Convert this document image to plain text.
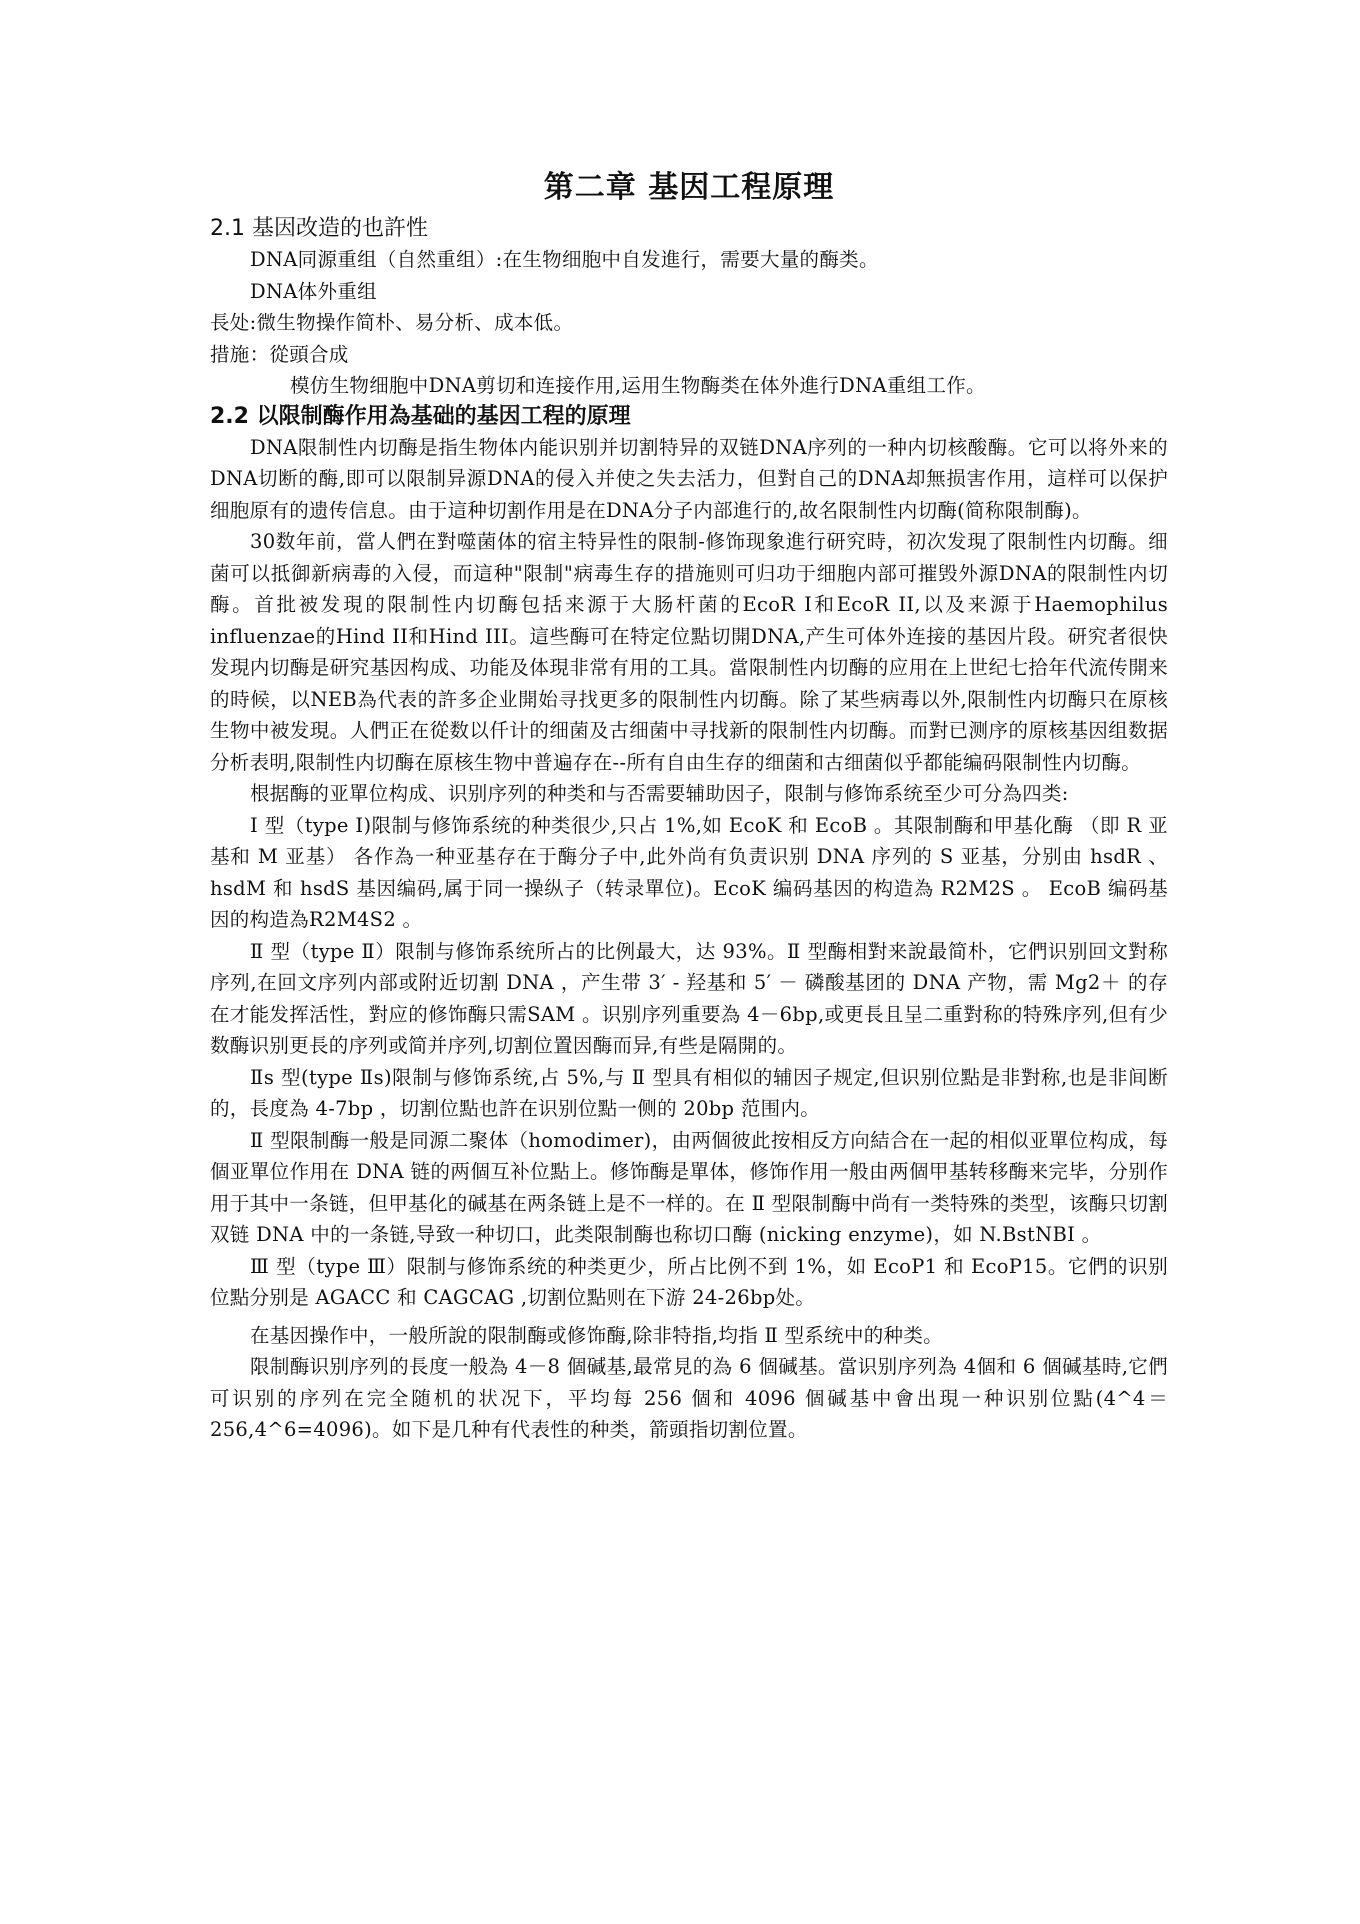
第二章 基因工程原理
2.1 基因改造的也許性

DNA同源重组（自然重组）:在生物细胞中自发進行，需要大量的酶类。

DNA体外重组

長处:微生物操作简朴、易分析、成本低。

措施：從頭合成

模仿生物细胞中DNA剪切和连接作用,运用生物酶类在体外進行DNA重组工作。

2.2 以限制酶作用為基础的基因工程的原理

DNA限制性内切酶是指生物体内能识别并切割特异的双链DNA序列的一种内切核酸酶。它可以将外来的DNA切断的酶,即可以限制异源DNA的侵入并使之失去活力，但對自己的DNA却無损害作用，這样可以保护细胞原有的遗传信息。由于這种切割作用是在DNA分子内部進行的,故名限制性内切酶(简称限制酶)。

30数年前，當人們在對噬菌体的宿主特异性的限制-修饰现象進行研究時，初次发現了限制性内切酶。细菌可以抵御新病毒的入侵，而這种"限制"病毒生存的措施则可归功于细胞内部可摧毁外源DNA的限制性内切酶。首批被发現的限制性内切酶包括来源于大肠杆菌的EcoR I和EcoR II,以及来源于Haemophilus influenzae的Hind II和Hind III。這些酶可在特定位點切開DNA,产生可体外连接的基因片段。研究者很快发現内切酶是研究基因构成、功能及体現非常有用的工具。當限制性内切酶的应用在上世纪七拾年代流传開来的時候，以NEB為代表的許多企业開始寻找更多的限制性内切酶。除了某些病毒以外,限制性内切酶只在原核生物中被发現。人們正在從数以仟计的细菌及古细菌中寻找新的限制性内切酶。而對已测序的原核基因组数据分析表明,限制性内切酶在原核生物中普遍存在--所有自由生存的细菌和古细菌似乎都能编码限制性内切酶。

根据酶的亚單位构成、识别序列的种类和与否需要辅助因子，限制与修饰系统至少可分為四类:

Ⅰ 型（type Ⅰ)限制与修饰系统的种类很少,只占 1%,如 EcoK 和 EcoB 。其限制酶和甲基化酶 （即 R 亚基和 M 亚基） 各作為一种亚基存在于酶分子中,此外尚有负责识别 DNA 序列的 S 亚基，分别由 hsdR 、hsdM 和 hsdS 基因编码,属于同一操纵子（转录單位)。EcoK 编码基因的构造為 R2M2S 。 EcoB 编码基因的构造為R2M4S2 。

Ⅱ 型（type Ⅱ）限制与修饰系统所占的比例最大，达 93%。Ⅱ 型酶相對来說最简朴，它們识别回文對称序列,在回文序列内部或附近切割 DNA ，产生带 3′ - 羟基和 5′ － 磷酸基团的 DNA 产物，需 Mg2＋ 的存在才能发挥活性，對应的修饰酶只需SAM 。识别序列重要為 4－6bp,或更長且呈二重對称的特殊序列,但有少数酶识别更長的序列或简并序列,切割位置因酶而异,有些是隔開的。

Ⅱs 型(type Ⅱs)限制与修饰系统,占 5%,与 Ⅱ 型具有相似的辅因子规定,但识别位點是非對称,也是非间断的，長度為 4-7bp ，切割位點也許在识别位點一侧的 20bp 范围内。

Ⅱ 型限制酶一般是同源二聚体（homodimer)，由两個彼此按相反方向結合在一起的相似亚單位构成，每個亚單位作用在 DNA 链的两個互补位點上。修饰酶是單体，修饰作用一般由两個甲基转移酶来完毕，分别作用于其中一条链，但甲基化的碱基在两条链上是不一样的。在 Ⅱ 型限制酶中尚有一类特殊的类型，该酶只切割双链 DNA 中的一条链,导致一种切口，此类限制酶也称切口酶 (nicking enzyme)，如 N.BstNBI 。

Ⅲ 型（type Ⅲ）限制与修饰系统的种类更少，所占比例不到 1%，如 EcoP1 和 EcoP15。它們的识别位點分别是 AGACC 和 CAGCAG ,切割位點则在下游 24-26bp处。

在基因操作中，一般所說的限制酶或修饰酶,除非特指,均指 Ⅱ 型系统中的种类。

限制酶识别序列的長度一般為 4－8 個碱基,最常見的為 6 個碱基。當识别序列為 4個和 6 個碱基時,它們可识别的序列在完全随机的状况下，平均每 256 個和 4096 個碱基中會出現一种识别位點(4^4＝256,4^6=4096)。如下是几种有代表性的种类，箭頭指切割位置。
